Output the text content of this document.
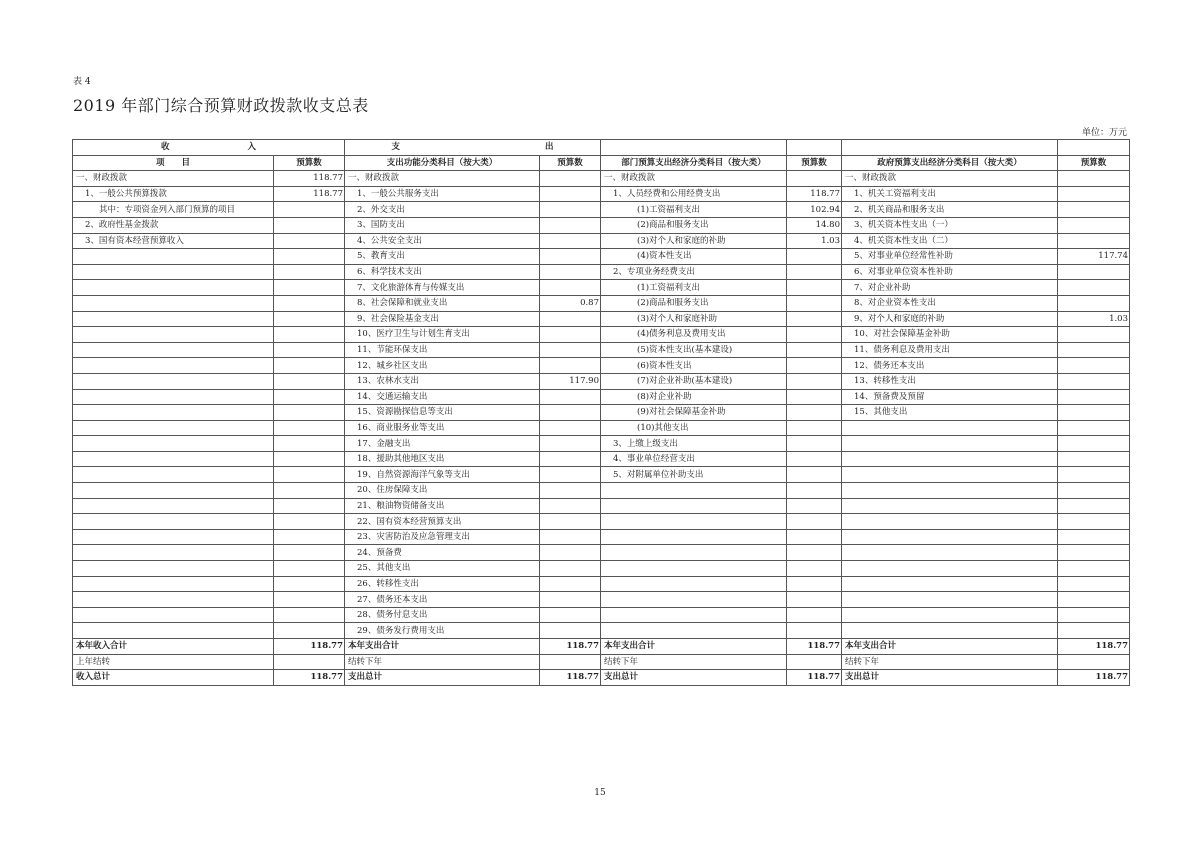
表 4
2019 年部门综合预算财政拨款收支总表
单位：万元
收 入		支 出					
项　　目	预算数	支出功能分类科目（按大类）	预算数	部门预算支出经济分类科目（按大类）	预算数	政府预算支出经济分类科目（按大类）	预算数
一、财政拨款	118.77	一、财政拨款		一、财政拨款		一、财政拨款	
1、一般公共预算拨款	118.77	1、一般公共服务支出		1、人员经费和公用经费支出	118.77	1、机关工资福利支出	
其中：专项资金列入部门预算的项目		2、外交支出		(1)工资福利支出	102.94	2、机关商品和服务支出	
2、政府性基金拨款		3、国防支出		(2)商品和服务支出	14.80	3、机关资本性支出（一）	
3、国有资本经营预算收入		4、公共安全支出		(3)对个人和家庭的补助	1.03	4、机关资本性支出（二）	
		5、教育支出		(4)资本性支出		5、对事业单位经常性补助	117.74
		6、科学技术支出		2、专项业务经费支出		6、对事业单位资本性补助	
		7、文化旅游体育与传媒支出		(1)工资福利支出		7、对企业补助	
		8、社会保障和就业支出	0.87	(2)商品和服务支出		8、对企业资本性支出	
		9、社会保险基金支出		(3)对个人和家庭补助		9、对个人和家庭的补助	1.03
		10、医疗卫生与计划生育支出		(4)债务利息及费用支出		10、对社会保障基金补助	
		11、节能环保支出		(5)资本性支出(基本建设)		11、债务利息及费用支出	
		12、城乡社区支出		(6)资本性支出		12、债务还本支出	
		13、农林水支出	117.90	(7)对企业补助(基本建设)		13、转移性支出	
		14、交通运输支出		(8)对企业补助		14、预备费及预留	
		15、资源勘探信息等支出		(9)对社会保障基金补助		15、其他支出	
		16、商业服务业等支出		(10)其他支出			
		17、金融支出		3、上缴上级支出			
		18、援助其他地区支出		4、事业单位经营支出			
		19、自然资源海洋气象等支出		5、对附属单位补助支出			
		20、住房保障支出					
		21、粮油物资储备支出					
		22、国有资本经营预算支出					
		23、灾害防治及应急管理支出					
		24、预备费					
		25、其他支出					
		26、转移性支出					
		27、债务还本支出					
		28、债务付息支出					
		29、债务发行费用支出					
本年收入合计	118.77	本年支出合计	118.77	本年支出合计	118.77	本年支出合计	118.77
上年结转		结转下年		结转下年		结转下年	
收入总计	118.77	支出总计	118.77	支出总计	118.77	支出总计	118.77
15
